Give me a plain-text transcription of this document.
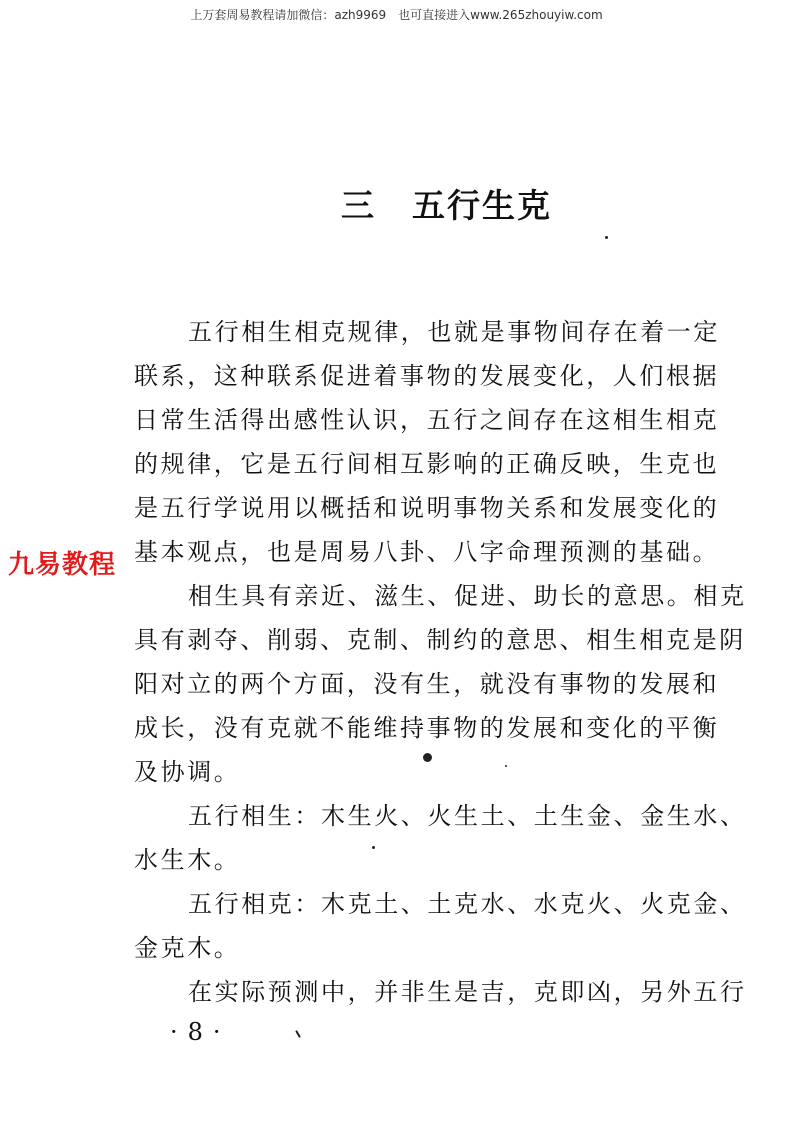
上万套周易教程请加微信：azh9969　也可直接进入www.265zhouyiw.com
三 五行生克
五行相生相克规律，也就是事物间存在着一定
联系，这种联系促进着事物的发展变化，人们根据
日常生活得出感性认识，五行之间存在这相生相克
的规律，它是五行间相互影响的正确反映，生克也
是五行学说用以概括和说明事物关系和发展变化的
基本观点，也是周易八卦、八字命理预测的基础。
相生具有亲近、滋生、促进、助长的意思。相克
具有剥夺、削弱、克制、制约的意思、相生相克是阴
阳对立的两个方面，没有生，就没有事物的发展和
成长，没有克就不能维持事物的发展和变化的平衡
及协调。
五行相生：木生火、火生土、土生金、金生水、
水生木。
五行相克：木克土、土克水、水克火、火克金、
金克木。
在实际预测中，并非生是吉，克即凶，另外五行
九易教程
·8·
